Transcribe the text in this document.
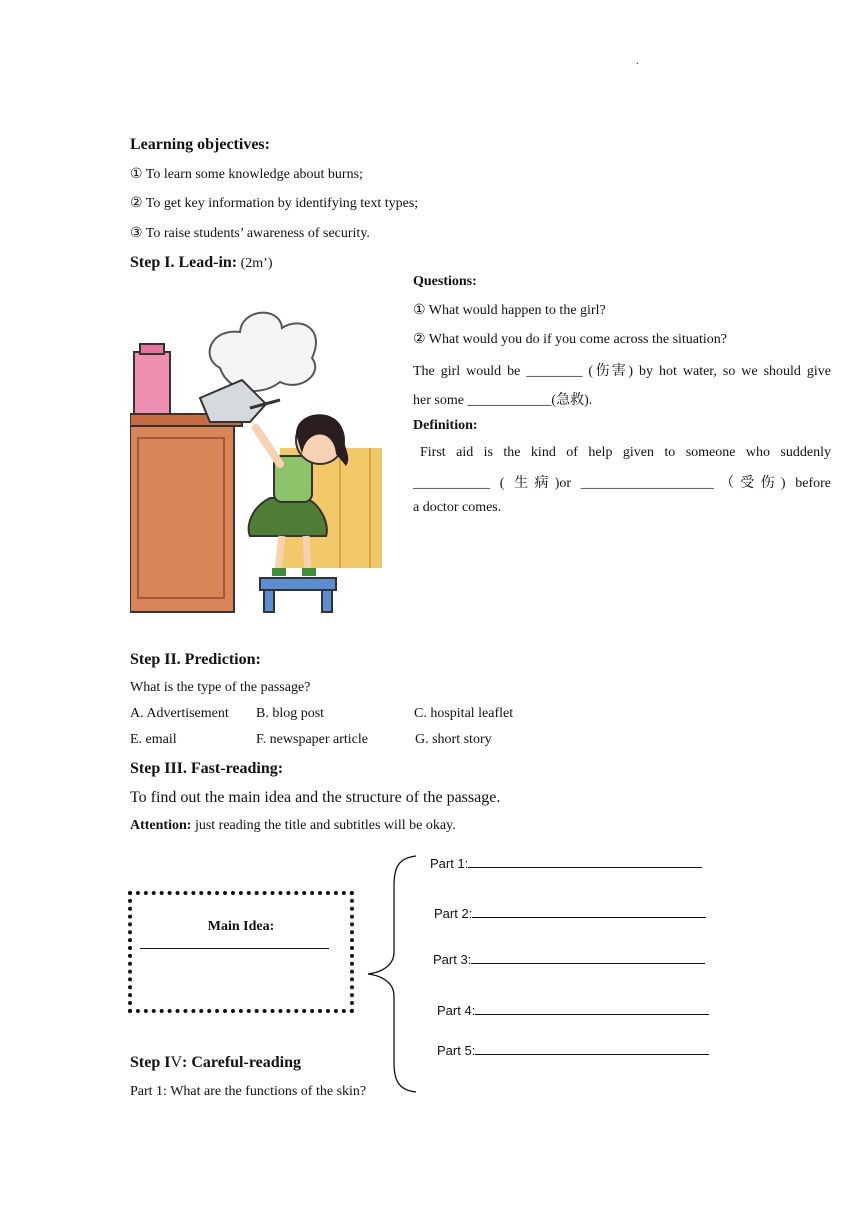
.
Learning objectives:
① To learn some knowledge about burns;
② To get key information by identifying text types;
③ To raise students’ awareness of security.
Step I. Lead-in: (2m’)
Questions:
① What would happen to the girl?
② What would you do if you come across the situation?
The girl would be ________ (伤害) by hot water, so we should give
her some ____________(急救).
Definition:
First aid is the kind of help given to someone who suddenly
___________ ( 生病)or ___________________（受伤) before
a doctor comes.
Step II. Prediction:
What is the type of the passage?
A. Advertisement B. blog post	C. hospital leaflet
E. email	F. newspaper article	G. short story
Step III. Fast-reading:
To find out the main idea and the structure of the passage.
Attention: just reading the title and subtitles will be okay.
Main Idea:
Part 1:
Part 2:
Part 3:
Part 4:
Part 5:
Step IV: Careful-reading
Part 1: What are the functions of the skin?
